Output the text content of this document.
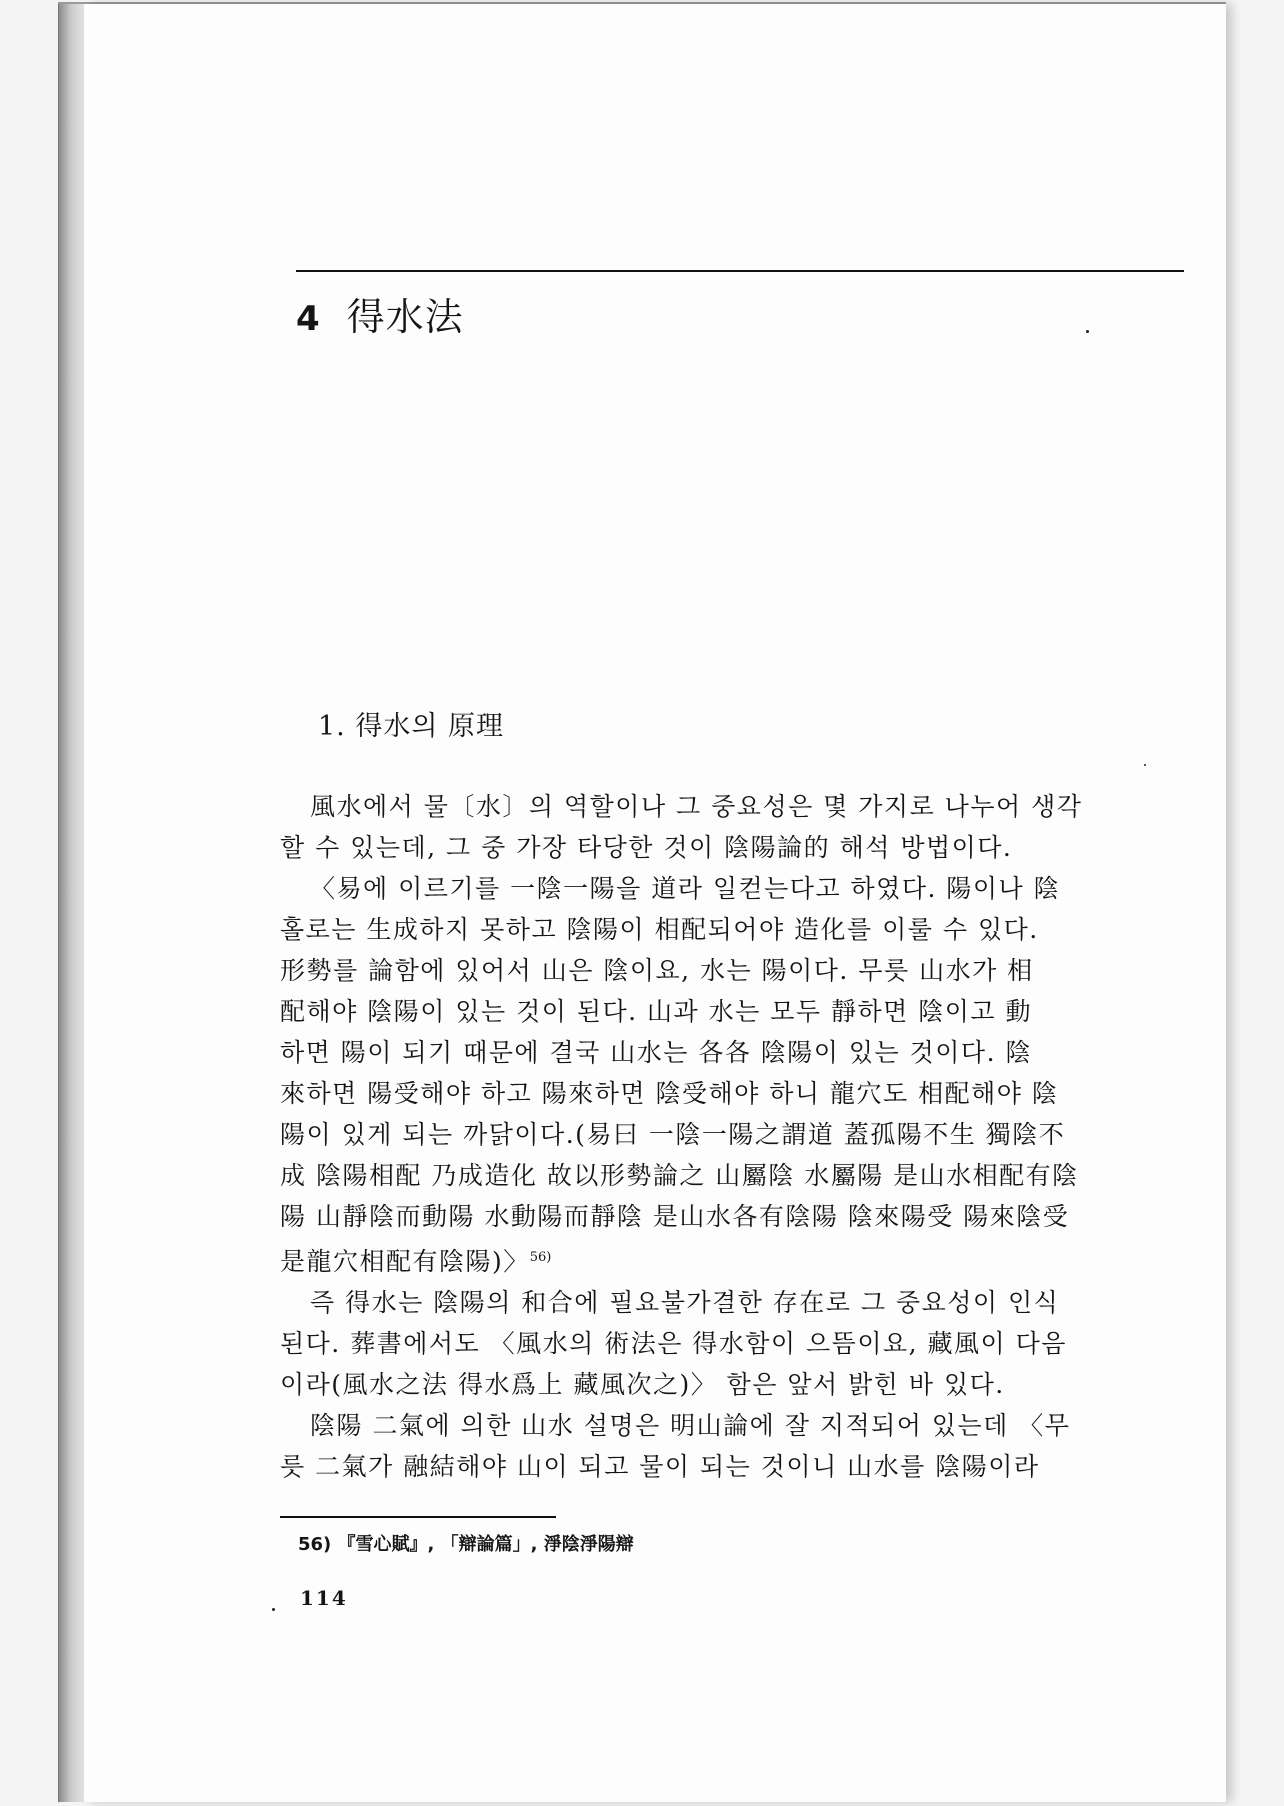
4 得水法
1. 得水의 原理

風水에서 물〔水〕의 역할이나 그 중요성은 몇 가지로 나누어 생각
할 수 있는데, 그 중 가장 타당한 것이 陰陽論的 해석 방법이다.

〈易에 이르기를 一陰一陽을 道라 일컫는다고 하였다. 陽이나 陰
홀로는 生成하지 못하고 陰陽이 相配되어야 造化를 이룰 수 있다.
形勢를 論함에 있어서 山은 陰이요, 水는 陽이다. 무릇 山水가 相
配해야 陰陽이 있는 것이 된다. 山과 水는 모두 靜하면 陰이고 動
하면 陽이 되기 때문에 결국 山水는 各各 陰陽이 있는 것이다. 陰
來하면 陽受해야 하고 陽來하면 陰受해야 하니 龍穴도 相配해야 陰
陽이 있게 되는 까닭이다.(易曰 一陰一陽之謂道 蓋孤陽不生 獨陰不
成 陰陽相配 乃成造化 故以形勢論之 山屬陰 水屬陽 是山水相配有陰
陽 山靜陰而動陽 水動陽而靜陰 是山水各有陰陽 陰來陽受 陽來陰受
是龍穴相配有陰陽)〉$^{56)}$

즉 得水는 陰陽의 和合에 필요불가결한 存在로 그 중요성이 인식
된다. 葬書에서도 〈風水의 術法은 得水함이 으뜸이요, 藏風이 다음
이라(風水之法 得水爲上 藏風次之)〉 함은 앞서 밝힌 바 있다.

陰陽 二氣에 의한 山水 설명은 明山論에 잘 지적되어 있는데 〈무
릇 二氣가 融結해야 山이 되고 물이 되는 것이니 山水를 陰陽이라

56) 『雪心賦』, 「辯論篇」, 淨陰淨陽辯
114
